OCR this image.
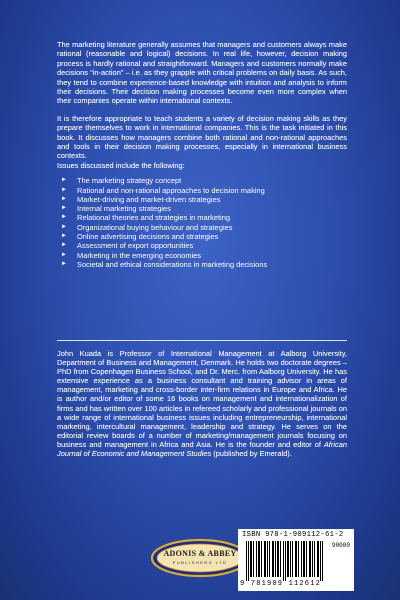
The marketing literature generally assumes that managers and customers always make rational (reasonable and logical) decisions. In real life, however, decision making process is hardly rational and straightforward. Managers and customers normally make decisions “in-action” – i.e. as they grapple with critical problems on daily basis. As such, they tend to combine experience-based knowledge with intuition and analysis to inform their decisions. Their decision making processes become even more complex when their companies operate within international contexts.

It is therefore appropriate to teach students a variety of decision making skills as they prepare themselves to work in international companies. This is the task initiated in this book. It discusses how managers combine both rational and non-rational approaches and tools in their decision making processes, especially in international business contexts.

Issues discussed include the following:

► The marketing strategy concept
► Rational and non-rational approaches to decision making
► Market-driving and market-driven strategies
► Internal marketing strategies
► Relational theories and strategies in marketing
► Organizational buying behaviour and strategies
► Online advertising decisions and strategies
► Assessment of export opportunities
► Marketing in the emerging economies
► Societal and ethical considerations in marketing decisions

John Kuada is Professor of International Management at Aalborg University, Department of Business and Management, Denmark. He holds two doctorate degrees – PhD from Copenhagen Business School, and Dr. Merc. from Aalborg University. He has extensive experience as a business consultant and training advisor in areas of management, marketing and cross-border inter-firm relations in Europe and Africa. He is author and/or editor of some 16 books on management and internationalization of firms and has written over 100 articles in refereed scholarly and professional journals on a wide range of international business issues including entrepreneurship, international marketing, intercultural management, leadership and strategy. He serves on the editorial review boards of a number of marketing/management journals focusing on business and management in Africa and Asia. He is the founder and editor of African Journal of Economic and Management Studies (published by Emerald).

ADONIS & ABBEY
PUBLISHERS LTD
ISBN 978-1-909112-61-2
90000
9 781909 112612
